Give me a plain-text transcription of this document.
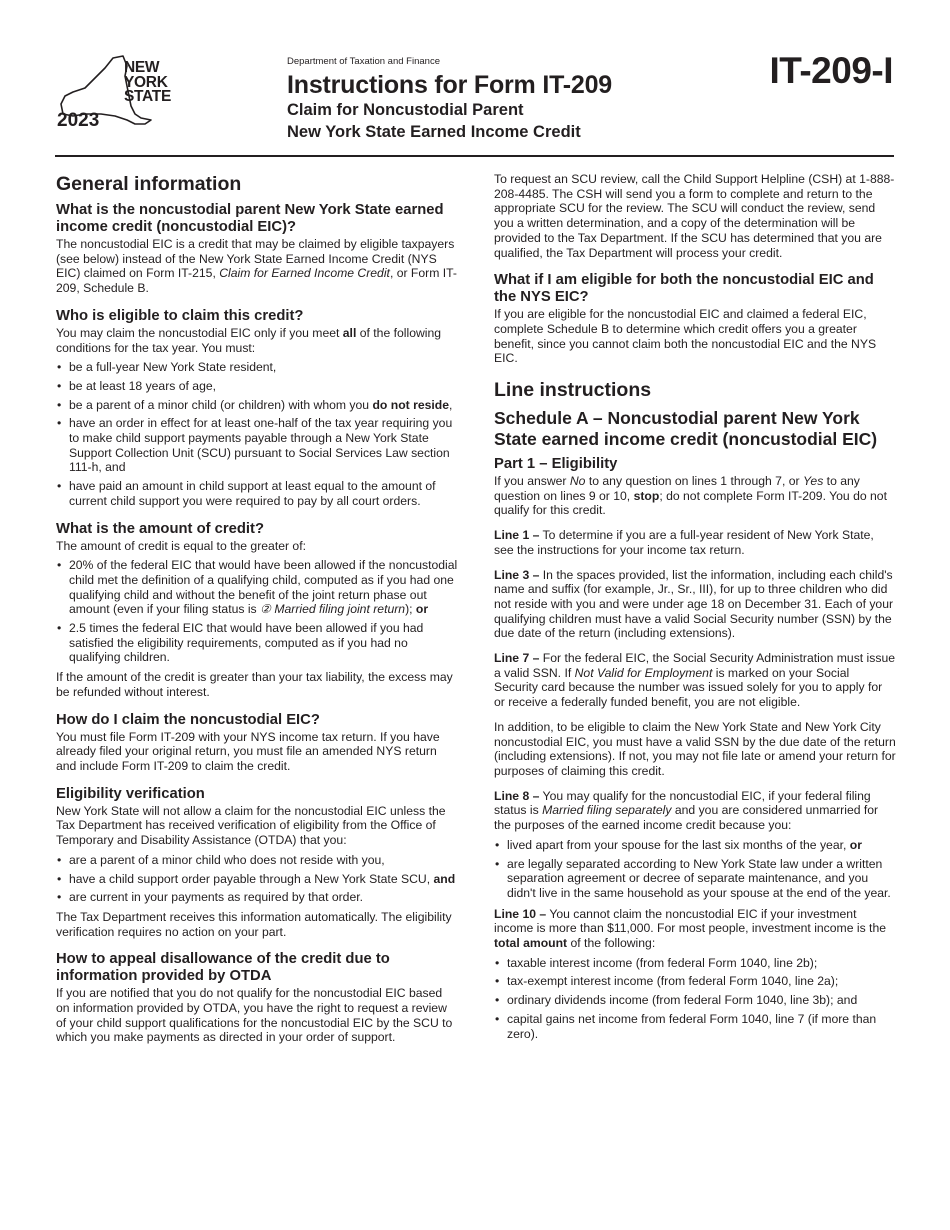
NEW
YORK
STATE
2023
Department of Taxation and Finance
Instructions for Form IT-209
Claim for Noncustodial Parent
New York State Earned Income Credit
IT-209-I
General information
What is the noncustodial parent New York State earned income credit (noncustodial EIC)?

The noncustodial EIC is a credit that may be claimed by eligible taxpayers (see below) instead of the New York State Earned Income Credit (NYS EIC) claimed on Form IT-215, Claim for Earned Income Credit, or Form IT-209, Schedule B.

Who is eligible to claim this credit?

You may claim the noncustodial EIC only if you meet all of the following conditions for the tax year. You must:

• be a full-year New York State resident,
• be at least 18 years of age,
• be a parent of a minor child (or children) with whom you do not reside,
• have an order in effect for at least one-half of the tax year requiring you to make child support payments payable through a New York State Support Collection Unit (SCU) pursuant to Social Services Law section 111-h, and
• have paid an amount in child support at least equal to the amount of current child support you were required to pay by all court orders.
What is the amount of credit?

The amount of credit is equal to the greater of:

• 20% of the federal EIC that would have been allowed if the noncustodial child met the definition of a qualifying child, computed as if you had one qualifying child and without the benefit of the joint return phase out amount (even if your filing status is ② Married filing joint return); or
• 2.5 times the federal EIC that would have been allowed if you had satisfied the eligibility requirements, computed as if you had no qualifying children.

If the amount of the credit is greater than your tax liability, the excess may be refunded without interest.

How do I claim the noncustodial EIC?

You must file Form IT-209 with your NYS income tax return. If you have already filed your original return, you must file an amended NYS return and include Form IT-209 to claim the credit.

Eligibility verification

New York State will not allow a claim for the noncustodial EIC unless the Tax Department has received verification of eligibility from the Office of Temporary and Disability Assistance (OTDA) that you:

• are a parent of a minor child who does not reside with you,
• have a child support order payable through a New York State SCU, and
• are current in your payments as required by that order.

The Tax Department receives this information automatically. The eligibility verification requires no action on your part.

How to appeal disallowance of the credit due to information provided by OTDA

If you are notified that you do not qualify for the noncustodial EIC based on information provided by OTDA, you have the right to request a review of your child support qualifications for the noncustodial EIC by the SCU to which you make payments as directed in your order of support.

To request an SCU review, call the Child Support Helpline (CSH) at 1-888-208-4485. The CSH will send you a form to complete and return to the appropriate SCU for the review. The SCU will conduct the review, send you a written determination, and a copy of the determination will be provided to the Tax Department. If the SCU has determined that you are qualified, the Tax Department will process your credit.

What if I am eligible for both the noncustodial EIC and the NYS EIC?

If you are eligible for the noncustodial EIC and claimed a federal EIC, complete Schedule B to determine which credit offers you a greater benefit, since you cannot claim both the noncustodial EIC and the NYS EIC.

Line instructions
Schedule A – Noncustodial parent New York State earned income credit (noncustodial EIC)
Part 1 – Eligibility

If you answer No to any question on lines 1 through 7, or Yes to any question on lines 9 or 10, stop; do not complete Form IT-209. You do not qualify for this credit.

Line 1 – To determine if you are a full-year resident of New York State, see the instructions for your income tax return.

Line 3 – In the spaces provided, list the information, including each child's name and suffix (for example, Jr., Sr., III), for up to three children who did not reside with you and were under age 18 on December 31. Each of your qualifying children must have a valid Social Security number (SSN) by the due date of the return (including extensions).

Line 7 – For the federal EIC, the Social Security Administration must issue a valid SSN. If Not Valid for Employment is marked on your Social Security card because the number was issued solely for you to apply for or receive a federally funded benefit, you are not eligible.

In addition, to be eligible to claim the New York State and New York City noncustodial EIC, you must have a valid SSN by the due date of the return (including extensions). If not, you may not file late or amend your return for purposes of claiming this credit.

Line 8 – You may qualify for the noncustodial EIC, if your federal filing status is Married filing separately and you are considered unmarried for the purposes of the earned income credit because you:

• lived apart from your spouse for the last six months of the year, or
• are legally separated according to New York State law under a written separation agreement or decree of separate maintenance, and you didn't live in the same household as your spouse at the end of the year.

Line 10 – You cannot claim the noncustodial EIC if your investment income is more than $11,000. For most people, investment income is the total amount of the following:

• taxable interest income (from federal Form 1040, line 2b);
• tax-exempt interest income (from federal Form 1040, line 2a);
• ordinary dividends income (from federal Form 1040, line 3b); and
• capital gains net income from federal Form 1040, line 7 (if more than zero).
